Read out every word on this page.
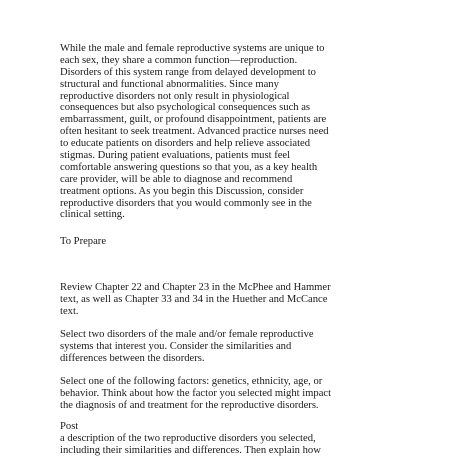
While the male and female reproductive systems are unique to
each sex, they share a common function—reproduction.
Disorders of this system range from delayed development to
structural and functional abnormalities. Since many
reproductive disorders not only result in physiological
consequences but also psychological consequences such as
embarrassment, guilt, or profound disappointment, patients are
often hesitant to seek treatment. Advanced practice nurses need
to educate patients on disorders and help relieve associated
stigmas. During patient evaluations, patients must feel
comfortable answering questions so that you, as a key health
care provider, will be able to diagnose and recommend
treatment options. As you begin this Discussion, consider
reproductive disorders that you would commonly see in the
clinical setting.
To Prepare
Review Chapter 22 and Chapter 23 in the McPhee and Hammer
text, as well as Chapter 33 and 34 in the Huether and McCance
text.
Select two disorders of the male and/or female reproductive
systems that interest you. Consider the similarities and
differences between the disorders.
Select one of the following factors: genetics, ethnicity, age, or
behavior. Think about how the factor you selected might impact
the diagnosis of and treatment for the reproductive disorders.
Post
a description of the two reproductive disorders you selected,
including their similarities and differences. Then explain how
